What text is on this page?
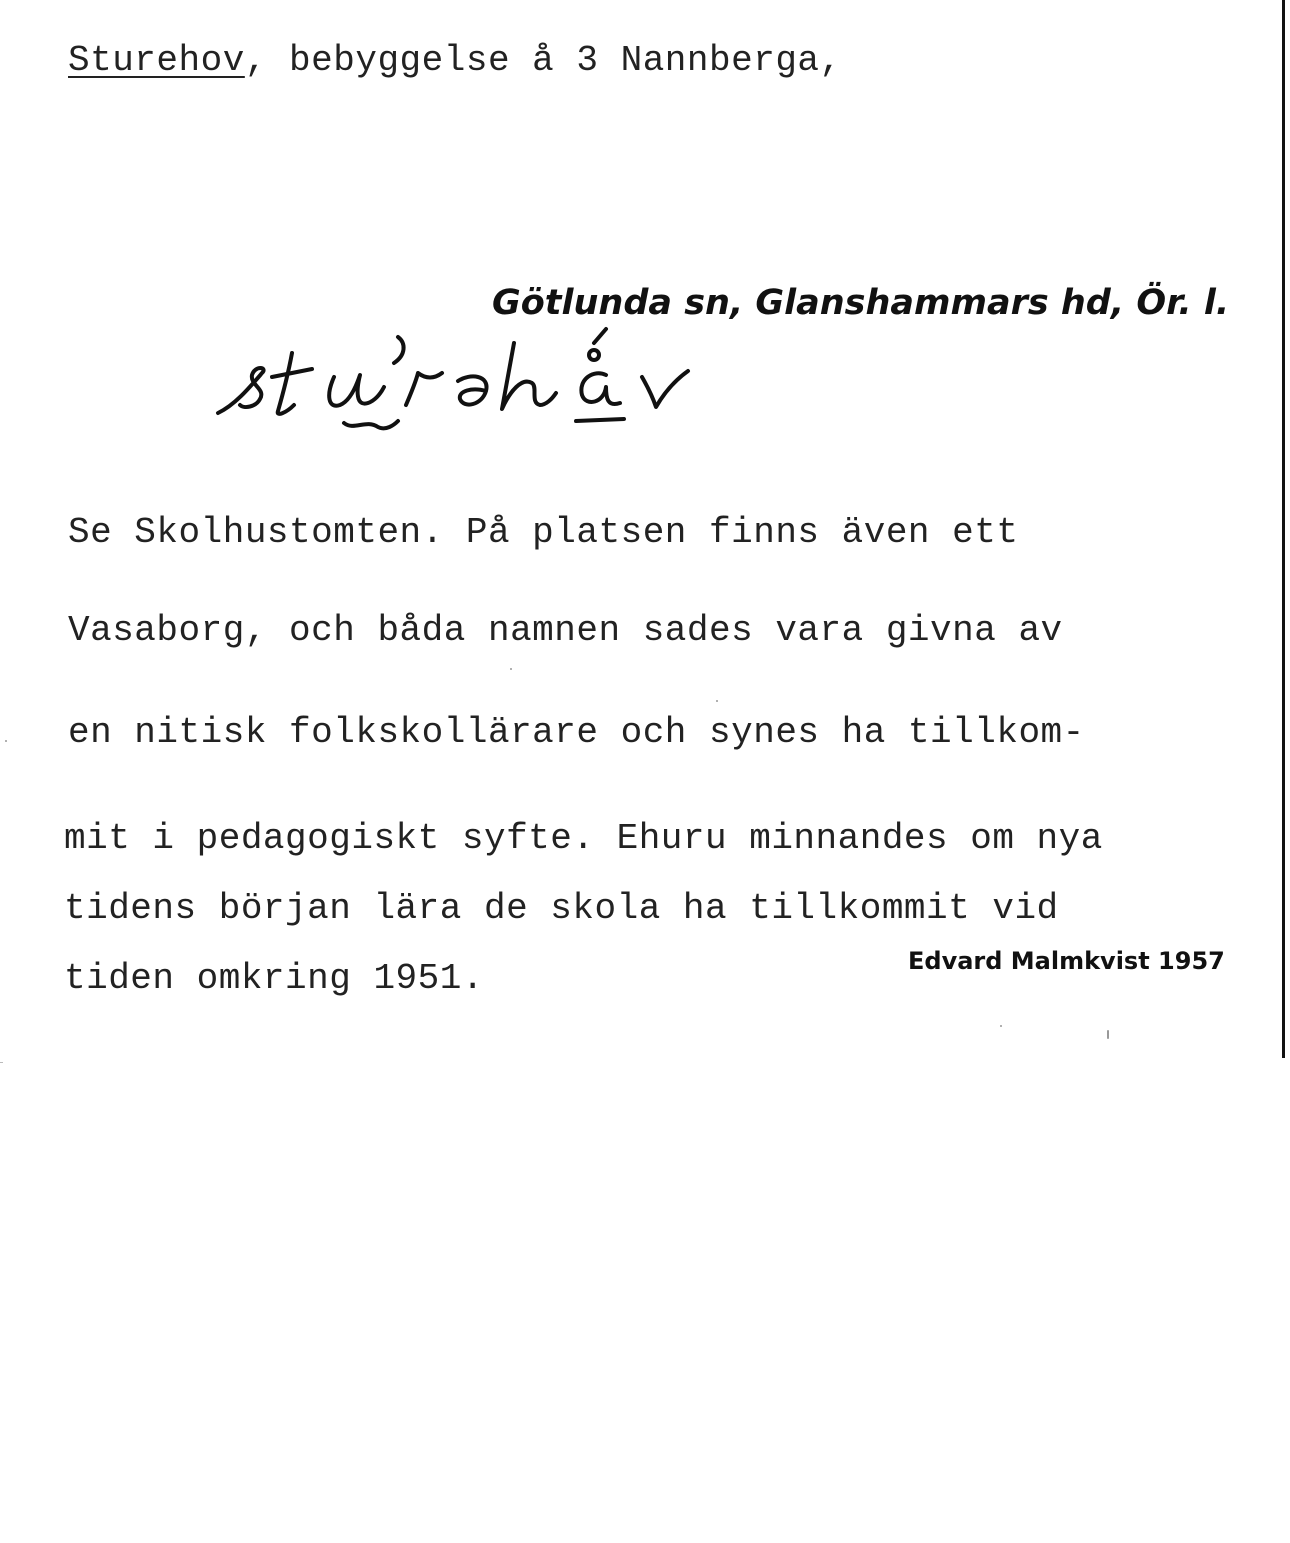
Sturehov, bebyggelse å 3 Nannberga,
Götlunda sn, Glanshammars hd, Ör. l.
Se Skolhustomten. På platsen finns även ett
Vasaborg, och båda namnen sades vara givna av
en nitisk folkskollärare och synes ha tillkom-
mit i pedagogiskt syfte. Ehuru minnandes om nya
tidens början lära de skola ha tillkommit vid
tiden omkring 1951.	Edvard Malmkvist 1957
